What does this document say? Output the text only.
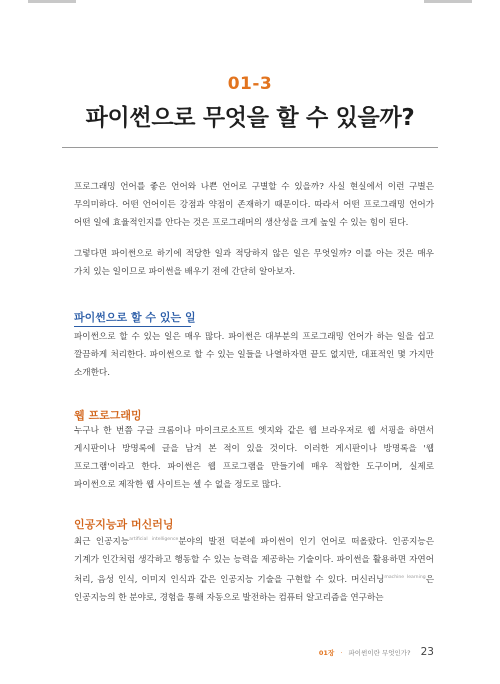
01-3
파이썬으로 무엇을 할 수 있을까?

프로그래밍 언어를 좋은 언어와 나쁜 언어로 구별할 수 있을까? 사실 현실에서 이런 구별은 무의미하다. 어떤 언어이든 강점과 약점이 존재하기 때문이다. 따라서 어떤 프로그래밍 언어가 어떤 일에 효율적인지를 안다는 것은 프로그래머의 생산성을 크게 높일 수 있는 힘이 된다.

그렇다면 파이썬으로 하기에 적당한 일과 적당하지 않은 일은 무엇일까? 이를 아는 것은 매우 가치 있는 일이므로 파이썬을 배우기 전에 간단히 알아보자.

파이썬으로 할 수 있는 일

파이썬으로 할 수 있는 일은 매우 많다. 파이썬은 대부분의 프로그래밍 언어가 하는 일을 쉽고 깔끔하게 처리한다. 파이썬으로 할 수 있는 일들을 나열하자면 끝도 없지만, 대표적인 몇 가지만 소개한다.

웹 프로그래밍

누구나 한 번쯤 구글 크롬이나 마이크로소프트 엣지와 같은 웹 브라우저로 웹 서핑을 하면서 게시판이나 방명록에 글을 남겨 본 적이 있을 것이다. 이러한 게시판이나 방명록을 '웹 프로그램'이라고 한다. 파이썬은 웹 프로그램을 만들기에 매우 적합한 도구이며, 실제로 파이썬으로 제작한 웹 사이트는 셀 수 없을 정도로 많다.

인공지능과 머신러닝

최근 인공지능$^{artificial intelligence}$분야의 발전 덕분에 파이썬이 인기 언어로 떠올랐다. 인공지능은 기계가 인간처럼 생각하고 행동할 수 있는 능력을 제공하는 기술이다. 파이썬을 활용하면 자연어 처리, 음성 인식, 이미지 인식과 같은 인공지능 기술을 구현할 수 있다. 머신러닝$^{machine learning}$은 인공지능의 한 분야로, 경험을 통해 자동으로 발전하는 컴퓨터 알고리즘을 연구하는

01장 · 파이썬이란 무엇인가? 23
